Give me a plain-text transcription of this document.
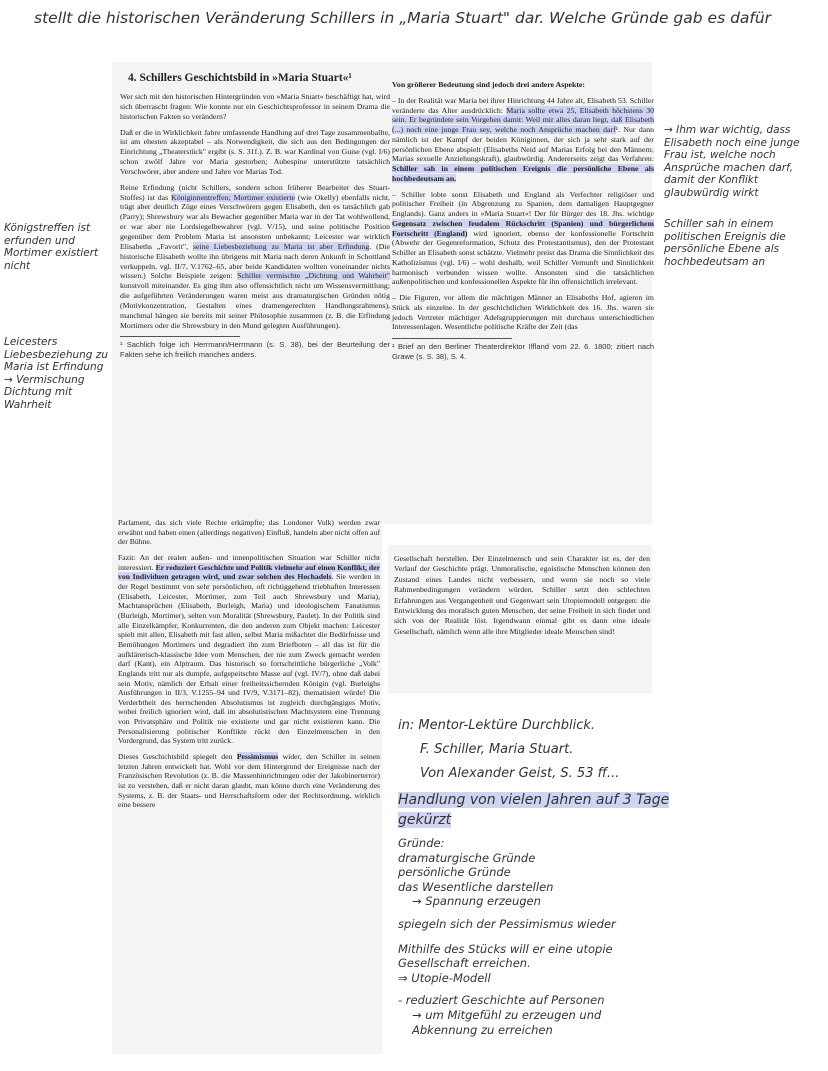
stellt die historischen Veränderung Schillers in „Maria Stuart" dar. Welche Gründe gab es dafür
4. Schillers Geschichtsbild in »Maria Stuart«¹

Wer sich mit den historischen Hintergründen von »Maria Stuart« beschäftigt hat, wird sich überrascht fragen: Wie konnte nur ein Geschichtsprofessor in seinem Drama die historischen Fakten so verändern?

Daß er die in Wirklichkeit Jahre umfassende Handlung auf drei Tage zusammenballte, ist am ehesten akzeptabel – als Notwendigkeit, die sich aus den Bedingungen der Einrichtung „Theaterstück" ergibt (s. S. 31f.). Z. B. war Kardinal von Guise (vgl. I/6) schon zwölf Jahre vor Maria gestorben; Aubespine unterstützte tatsächlich Verschwörer, aber andere und Jahre vor Marias Tod.

Reine Erfindung (nicht Schillers, sondern schon früherer Bearbeiter des Stuart-Stoffes) ist das Königinnentreffen; Mortimer existierte (wie Okelly) ebenfalls nicht, trägt aber deutlich Züge eines Verschwörers gegen Elisabeth, den es tatsächlich gab (Parry); Shrewsbury war als Bewacher gegenüber Maria war in der Tat wohlwollend, er war aber nie Lordsiegelbewahrer (vgl. V/15), und seine politische Position gegenüber dem Problem Maria ist ansonsten unbekannt; Leicester war wirklich Elisabeths „Favorit", seine Liebesbeziehung zu Maria ist aber Erfindung. (Die historische Elisabeth wollte ihn übrigens mit Maria nach deren Ankunft in Schottland verkuppeln, vgl. II/7, V.1762–65, aber beide Kandidaten wollten voneinander nichts wissen.) Solche Beispiele zeigen: Schiller vermischte „Dichtung und Wahrheit" kunstvoll miteinander. Es ging ihm also offensichtlich nicht um Wissensvermittlung; die aufgeführten Veränderungen waren meist aus dramaturgischen Gründen nötig (Motivkonzentration, Gestalten eines dramengerechten Handlungsrahmens), manchmal hängen sie bereits mit seiner Philosophie zusammen (z. B. die Erfindung Mortimers oder die Shrewsbury in den Mund gelegten Ausführungen).

¹ Sachlich folge ich Herrmann/Herrmann (s. S. 38), bei der Beurteilung der Fakten sehe ich freilich manches anders.

Von größerer Bedeutung sind jedoch drei andere Aspekte:

– In der Realität war Maria bei ihrer Hinrichtung 44 Jahre alt, Elisabeth 53. Schiller veränderte das Alter ausdrücklich: Maria sollte etwa 25, Elisabeth höchstens 30 sein. Er begründete sein Vorgehen damit: Weil mir alles daran liegt, daß Elisabeth (...) noch eine junge Frau sey, welche noch Ansprüche machen darf¹. Nur dann nämlich ist der Kampf der beiden Königinnen, der sich ja sehr stark auf der persönlichen Ebene abspielt (Elisabeths Neid auf Marias Erfolg bei den Männern; Marias sexuelle Anziehungskraft), glaubwürdig. Andererseits zeigt das Verfahren: Schiller sah in einem politischen Ereignis die persönliche Ebene als hochbedeutsam an.

– Schiller lobte sonst Elisabeth und England als Verfechter religiöser und politischer Freiheit (in Abgrenzung zu Spanien, dem damaligen Hauptgegner Englands). Ganz anders in »Maria Stuart«! Der für Bürger des 18. Jhs. wichtige Gegensatz zwischen feudalem Rückschritt (Spanien) und bürgerlichem Fortschritt (England) wird ignoriert, ebenso der konfessionelle Fortschritt (Abwehr der Gegenreformation, Schutz des Protestantismus), den der Protestant Schiller an Elisabeth sonst schätzte. Vielmehr preist das Drama die Sinnlichkeit des Katholizismus (vgl. I/6) – wohl deshalb, weil Schiller Vernunft und Sinnlichkeit harmonisch verbunden wissen wollte. Ansonsten sind die tatsächlichen außenpolitischen und konfessionellen Aspekte für ihn offensichtlich irrelevant.

– Die Figuren, vor allem die mächtigen Männer an Elisabeths Hof, agieren im Stück als einzelne. In der geschichtlichen Wirklichkeit des 16. Jhs. waren sie jedoch Vertreter mächtiger Adelsgruppierungen mit durchaus unterschiedlichen Interessenlagen. Wesentliche politische Kräfte der Zeit (das

¹ Brief an den Berliner Theaterdirektor Iffland vom 22. 6. 1800; zitiert nach Grawe (s. S. 38), S. 4.

Parlament, das sich viele Rechte erkämpfte; das Londoner Volk) werden zwar erwähnt und haben einen (allerdings negativen) Einfluß, handeln aber nicht offen auf der Bühne.

Fazit: An der realen außen- und innenpolitischen Situation war Schiller nicht interessiert. Er reduziert Geschichte und Politik vielmehr auf einen Konflikt, der von Individuen getragen wird, und zwar solchen des Hochadels. Sie werden in der Regel bestimmt von sehr persönlichen, oft richtiggehend triebhaften Interessen (Elisabeth, Leicester, Mortimer, zum Teil auch Shrewsbury und Maria), Machtansprüchen (Elisabeth, Burleigh, Maria) und ideologischem Fanatismus (Burleigh, Mortimer), selten von Moralität (Shrewsbury, Paulet). In der Politik sind alle Einzelkämpfer, Konkurrenten, die den anderen zum Objekt machen: Leicester spielt mit allen, Elisabeth mit fast allen, selbst Maria mißachtet die Bedürfnisse und Bemühungen Mortimers und degradiert ihn zum Briefboten – all das ist für die aufklärerisch-klassische Idee vom Menschen, der nie zum Zweck gemacht werden darf (Kant), ein Alptraum. Das historisch so fortschrittliche bürgerliche „Volk" Englands tritt nur als dumpfe, aufgepeitschte Masse auf (vgl. IV/7), ohne daß dabei sein Motiv, nämlich der Erhalt einer freiheitssichernden Königin (vgl. Burleighs Ausführungen in II/3, V.1255–94 und IV/9, V.3171–82), thematisiert würde! Die Verderbtheit des herrschenden Absolutismus ist zugleich durchgängiges Motiv, wobei freilich ignoriert wird, daß im absolutistischen Machtsystem eine Trennung von Privatsphäre und Politik nie existierte und gar nicht existieren kann. Die Personalisierung politischer Konflikte rückt den Einzelmenschen in den Vordergrund, das System tritt zurück.

Dieses Geschichtsbild spiegelt den Pessimismus wider, den Schiller in seinen letzten Jahren entwickelt hat. Wohl vor dem Hintergrund der Ereignisse nach der Französischen Revolution (z. B. die Massenhinrichtungen oder der Jakobinerterror) ist zu verstehen, daß er nicht daran glaubt, man könne durch eine Veränderung des Systems, z. B. der Staats- und Herrschaftsform oder der Rechtsordnung, wirklich eine bessere

Gesellschaft herstellen. Der Einzelmensch und sein Charakter ist es, der den Verlauf der Geschichte prägt. Unmoralische, egoistische Menschen können den Zustand eines Landes nicht verbessern, und wenn sie noch so viele Rahmenbedingungen verändern würden. Schiller setzt den schlechten Erfahrungen aus Vergangenheit und Gegenwart sein Utopiemodell entgegen: die Entwicklung des moralisch guten Menschen, der seine Freiheit in sich findet und sich von der Realität löst. Irgendwann einmal gibt es dann eine ideale Gesellschaft, nämlich wenn alle ihre Mitglieder ideale Menschen sind!

Königstreffen ist erfunden und Mortimer existiert nicht
Leicesters Liebesbeziehung zu Maria ist Erfindung → Vermischung Dichtung mit Wahrheit
→ Ihm war wichtig, dass Elisabeth noch eine junge Frau ist, welche noch Ansprüche machen darf, damit der Konflikt glaubwürdig wirkt
Schiller sah in einem politischen Ereignis die persönliche Ebene als hochbedeutsam an
in: Mentor-Lektüre Durchblick.
F. Schiller, Maria Stuart.
Von Alexander Geist, S. 53 ff...
Handlung von vielen Jahren auf 3 Tage gekürzt
Gründe:
dramaturgische Gründe
persönliche Gründe
das Wesentliche darstellen
→ Spannung erzeugen
spiegeln sich der Pessimismus wieder
Mithilfe des Stücks will er eine utopie Gesellschaft erreichen.
⇒ Utopie-Modell
- reduziert Geschichte auf Personen
→ um Mitgefühl zu erzeugen und Abkennung zu erreichen
